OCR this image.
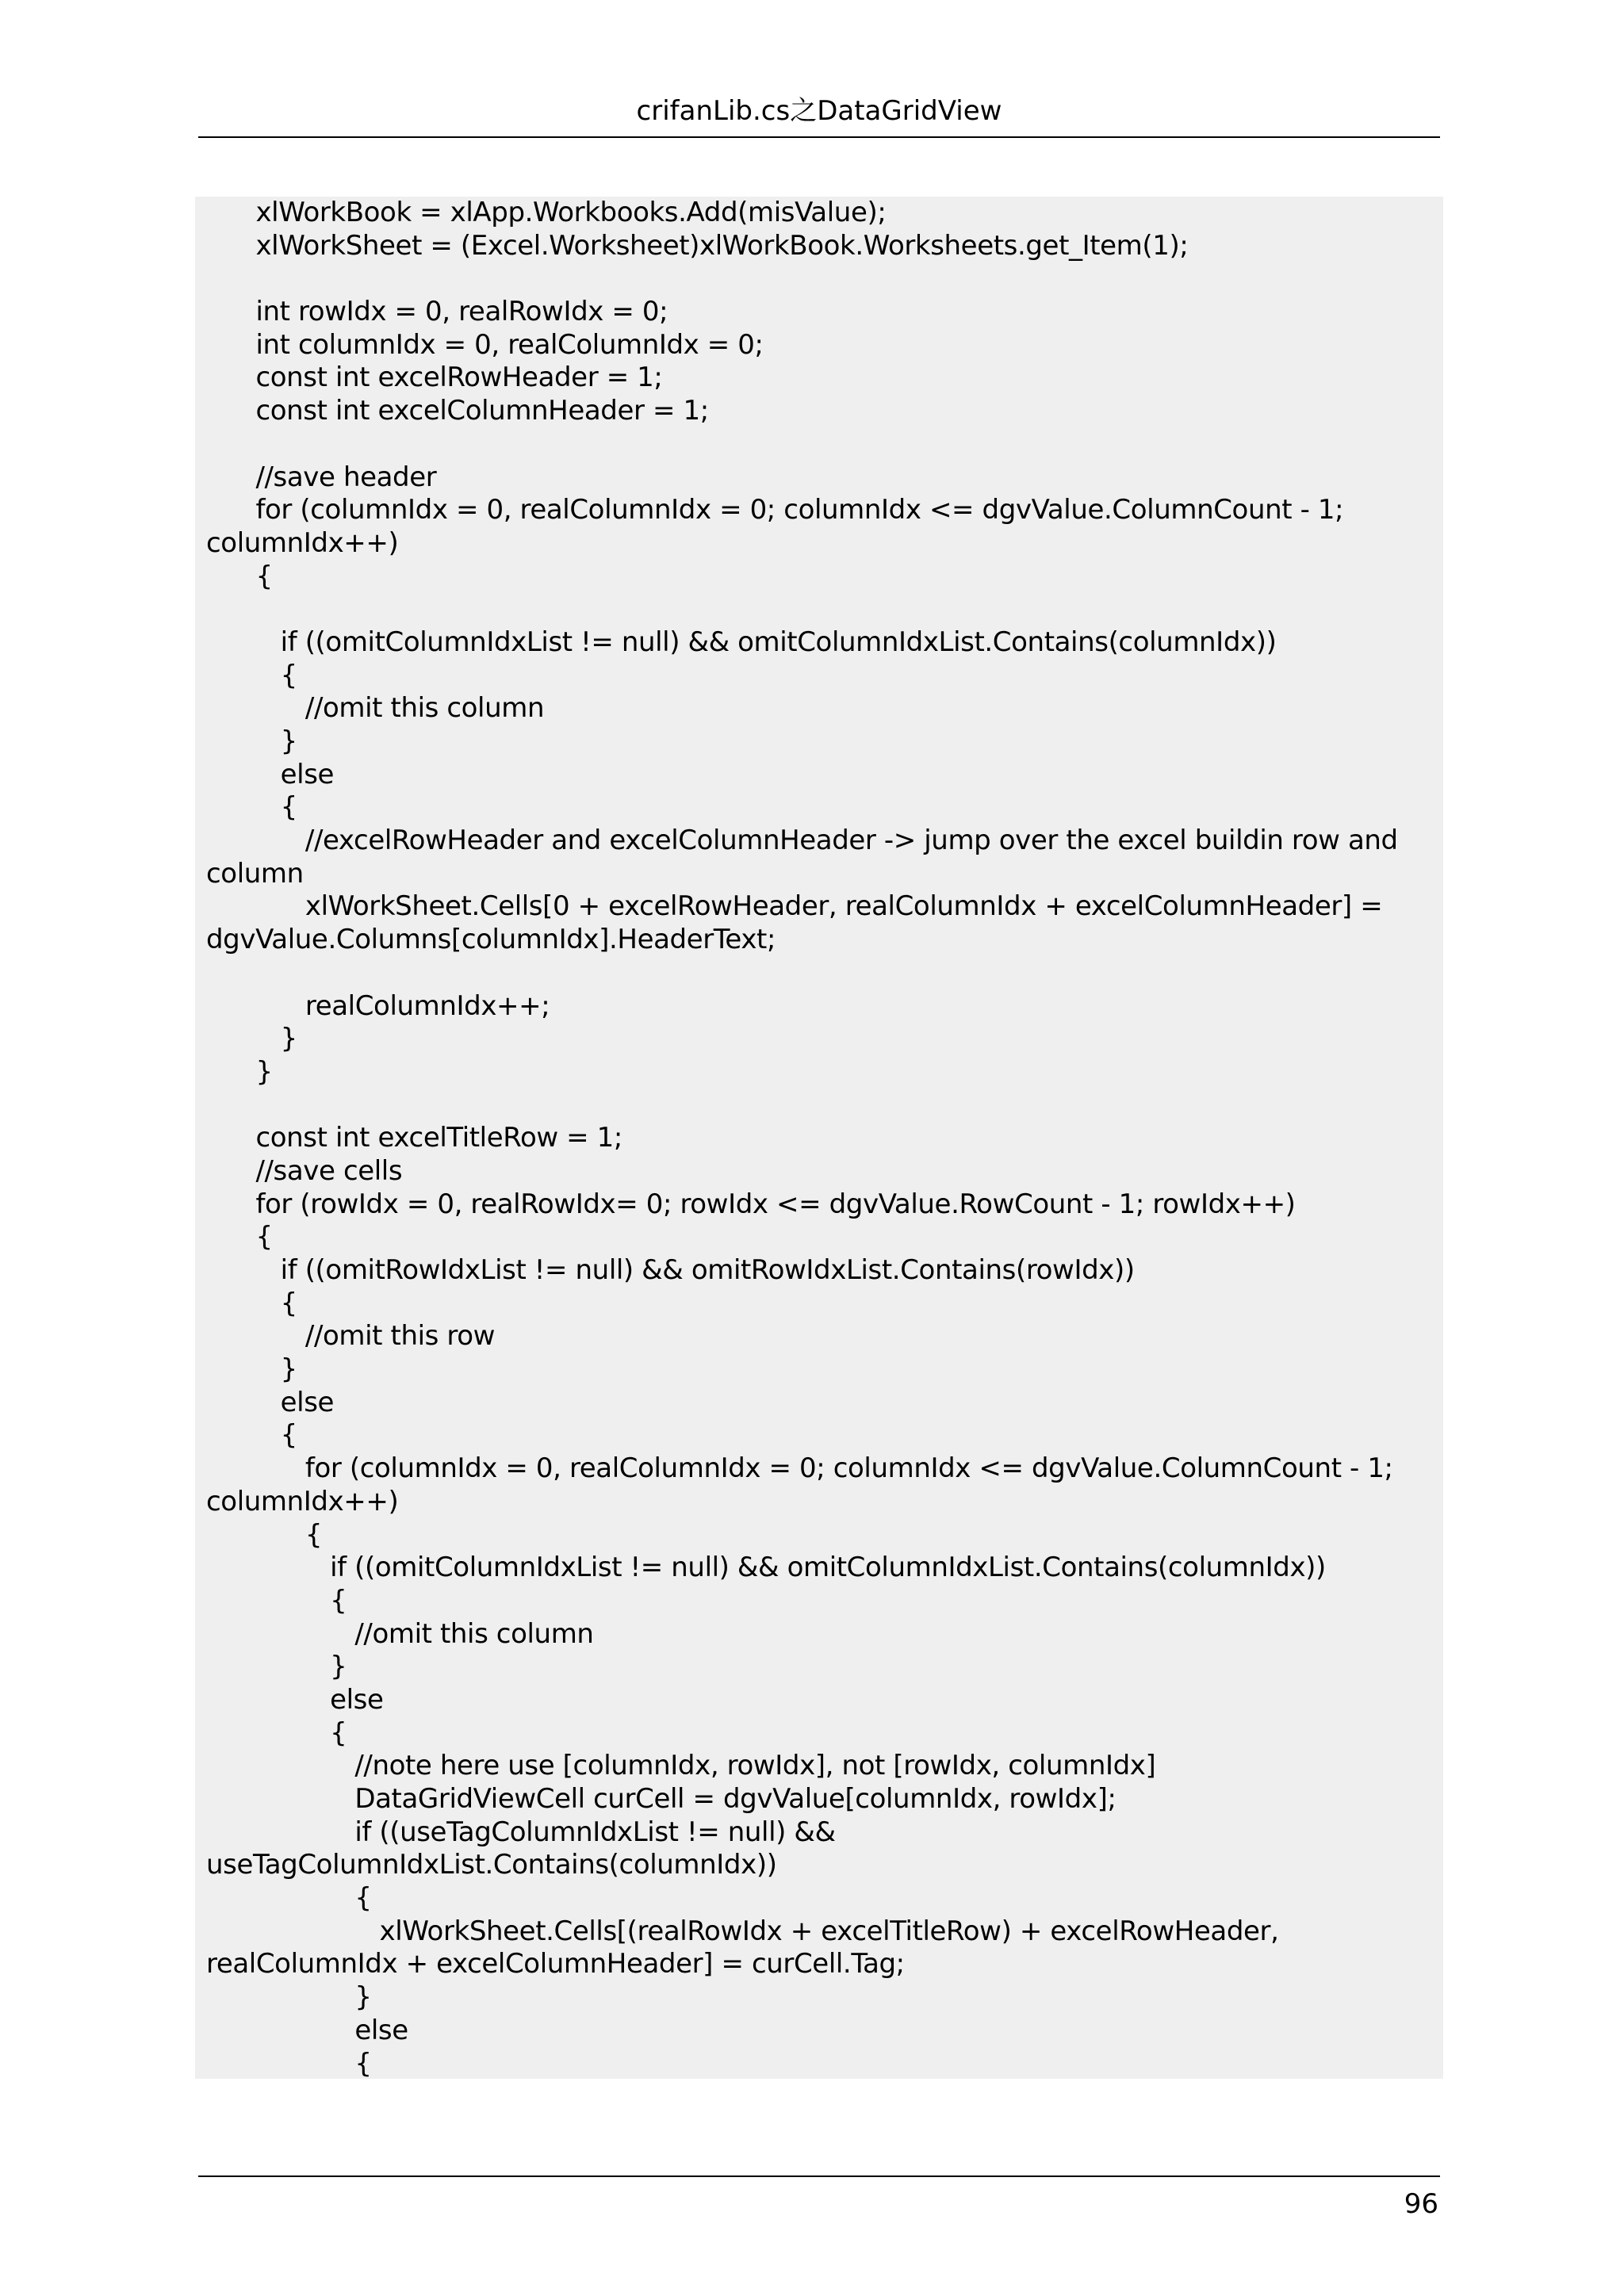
crifanLib.cs之DataGridView
xlWorkBook = xlApp.Workbooks.Add(misValue);
xlWorkSheet = (Excel.Worksheet)xlWorkBook.Worksheets.get_Item(1);
int rowIdx = 0, realRowIdx = 0;
int columnIdx = 0, realColumnIdx = 0;
const int excelRowHeader = 1;
const int excelColumnHeader = 1;
//save header
for (columnIdx = 0, realColumnIdx = 0; columnIdx <= dgvValue.ColumnCount - 1;
columnIdx++)
{
if ((omitColumnIdxList != null) && omitColumnIdxList.Contains(columnIdx))
{
//omit this column
}
else
{
//excelRowHeader and excelColumnHeader -> jump over the excel buildin row and
column
xlWorkSheet.Cells[0 + excelRowHeader, realColumnIdx + excelColumnHeader] =
dgvValue.Columns[columnIdx].HeaderText;
realColumnIdx++;
}
}
const int excelTitleRow = 1;
//save cells
for (rowIdx = 0, realRowIdx= 0; rowIdx <= dgvValue.RowCount - 1; rowIdx++)
{
if ((omitRowIdxList != null) && omitRowIdxList.Contains(rowIdx))
{
//omit this row
}
else
{
for (columnIdx = 0, realColumnIdx = 0; columnIdx <= dgvValue.ColumnCount - 1;
columnIdx++)
{
if ((omitColumnIdxList != null) && omitColumnIdxList.Contains(columnIdx))
{
//omit this column
}
else
{
//note here use [columnIdx, rowIdx], not [rowIdx, columnIdx]
DataGridViewCell curCell = dgvValue[columnIdx, rowIdx];
if ((useTagColumnIdxList != null) &&
useTagColumnIdxList.Contains(columnIdx))
{
xlWorkSheet.Cells[(realRowIdx + excelTitleRow) + excelRowHeader,
realColumnIdx + excelColumnHeader] = curCell.Tag;
}
else
{
96
